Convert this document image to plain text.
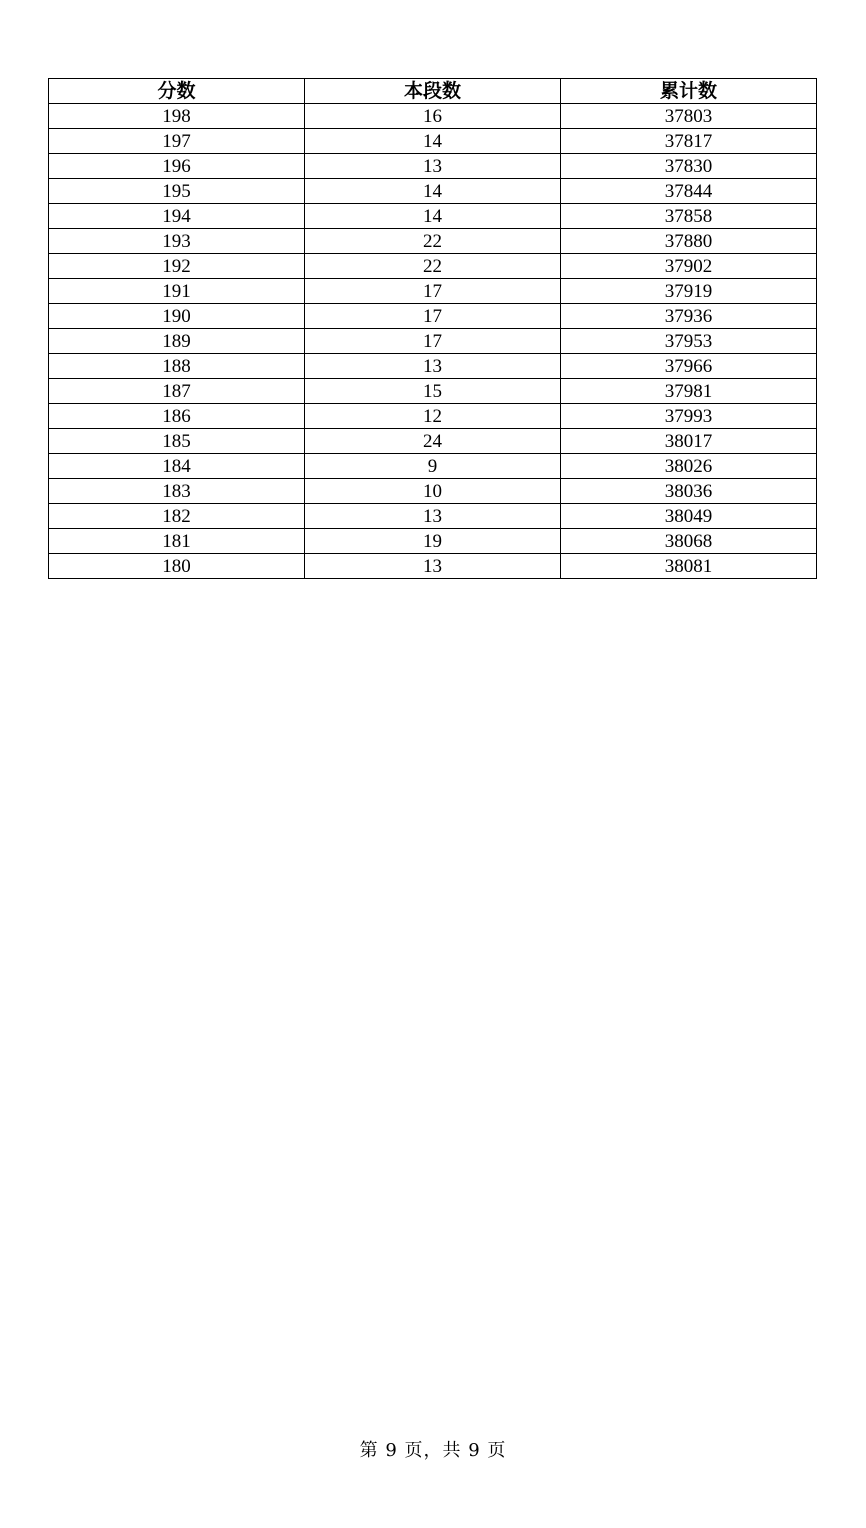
分数	本段数	累计数
198	16	37803
197	14	37817
196	13	37830
195	14	37844
194	14	37858
193	22	37880
192	22	37902
191	17	37919
190	17	37936
189	17	37953
188	13	37966
187	15	37981
186	12	37993
185	24	38017
184	9	38026
183	10	38036
182	13	38049
181	19	38068
180	13	38081
第 9 页，共 9 页
